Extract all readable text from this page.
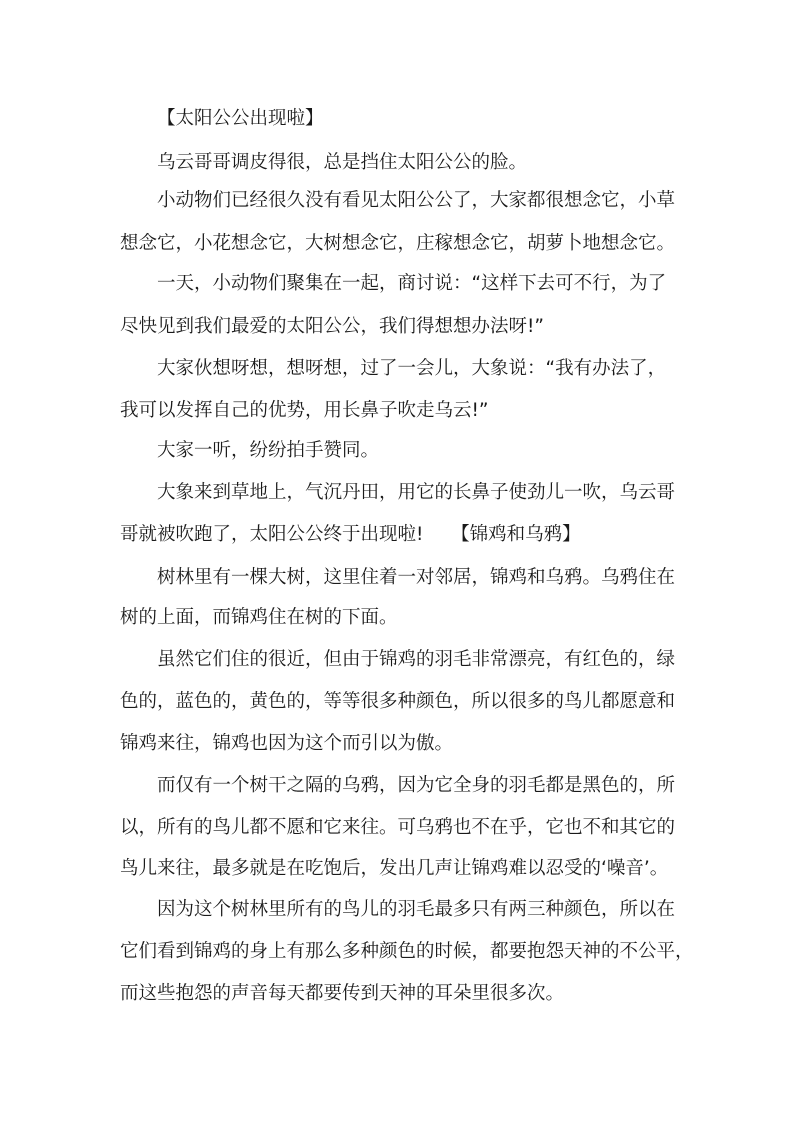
【太阳公公出现啦】
乌云哥哥调皮得很，总是挡住太阳公公的脸。
小动物们已经很久没有看见太阳公公了，大家都很想念它，小草
想念它，小花想念它，大树想念它，庄稼想念它，胡萝卜地想念它。
一天，小动物们聚集在一起，商讨说：“这样下去可不行，为了
尽快见到我们最爱的太阳公公，我们得想想办法呀!”
大家伙想呀想，想呀想，过了一会儿，大象说：“我有办法了，
我可以发挥自己的优势，用长鼻子吹走乌云!”
大家一听，纷纷拍手赞同。
大象来到草地上，气沉丹田，用它的长鼻子使劲儿一吹，乌云哥
哥就被吹跑了，太阳公公终于出现啦!　　【锦鸡和乌鸦】
树林里有一棵大树，这里住着一对邻居，锦鸡和乌鸦。乌鸦住在
树的上面，而锦鸡住在树的下面。
虽然它们住的很近，但由于锦鸡的羽毛非常漂亮，有红色的，绿
色的，蓝色的，黄色的，等等很多种颜色，所以很多的鸟儿都愿意和
锦鸡来往，锦鸡也因为这个而引以为傲。
而仅有一个树干之隔的乌鸦，因为它全身的羽毛都是黑色的，所
以，所有的鸟儿都不愿和它来往。可乌鸦也不在乎，它也不和其它的
鸟儿来往，最多就是在吃饱后，发出几声让锦鸡难以忍受的‘噪音’。
因为这个树林里所有的鸟儿的羽毛最多只有两三种颜色，所以在
它们看到锦鸡的身上有那么多种颜色的时候，都要抱怨天神的不公平，
而这些抱怨的声音每天都要传到天神的耳朵里很多次。
